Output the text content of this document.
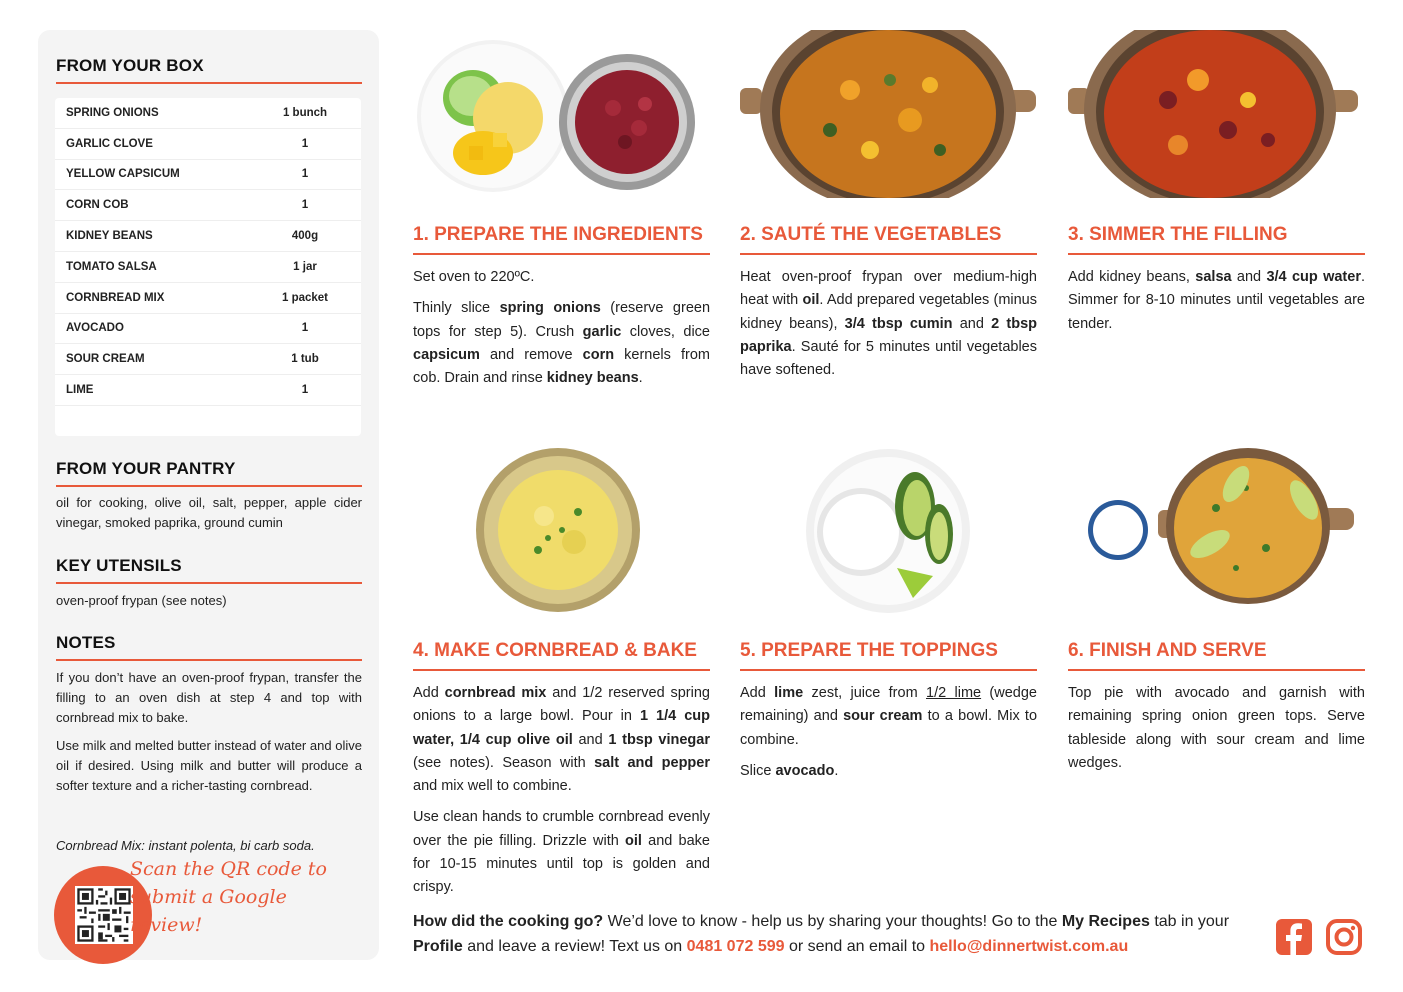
FROM YOUR BOX
SPRING ONIONS	1 bunch
GARLIC CLOVE	1
YELLOW CAPSICUM	1
CORN COB	1
KIDNEY BEANS	400g
TOMATO SALSA	1 jar
CORNBREAD MIX	1 packet
AVOCADO	1
SOUR CREAM	1 tub
LIME	1
FROM YOUR PANTRY
oil for cooking, olive oil, salt, pepper, apple cider vinegar, smoked paprika, ground cumin
KEY UTENSILS
oven-proof frypan (see notes)
NOTES
If you don’t have an oven-proof frypan, transfer the filling to an oven dish at step 4 and top with cornbread mix to bake.
Use milk and melted butter instead of water and olive oil if desired. Using milk and butter will produce a softer texture and a richer-tasting cornbread.
Cornbread Mix: instant polenta, bi carb soda.
Scan the QR code to
submit a Google review!
1. PREPARE THE INGREDIENTS

Set oven to 220ºC.

Thinly slice spring onions (reserve green tops for step 5). Crush garlic cloves, dice capsicum and remove corn kernels from cob. Drain and rinse kidney beans.

2. SAUTÉ THE VEGETABLES

Heat oven-proof frypan over medium-high heat with oil. Add prepared vegetables (minus kidney beans), 3/4 tbsp cumin and 2 tbsp paprika. Sauté for 5 minutes until vegetables have softened.

3. SIMMER THE FILLING

Add kidney beans, salsa and 3/4 cup water. Simmer for 8-10 minutes until vegetables are tender.

4. MAKE CORNBREAD & BAKE

Add cornbread mix and 1/2 reserved spring onions to a large bowl. Pour in 1 1/4 cup water, 1/4 cup olive oil and 1 tbsp vinegar (see notes). Season with salt and pepper and mix well to combine.

Use clean hands to crumble cornbread evenly over the pie filling. Drizzle with oil and bake for 10-15 minutes until top is golden and crispy.

5. PREPARE THE TOPPINGS

Add lime zest, juice from 1/2 lime (wedge remaining) and sour cream to a bowl. Mix to combine.

Slice avocado.

6. FINISH AND SERVE

Top pie with avocado and garnish with remaining spring onion green tops. Serve tableside along with sour cream and lime wedges.

How did the cooking go? We’d love to know - help us by sharing your thoughts! Go to the My Recipes tab in your Profile and leave a review! Text us on 0481 072 599 or send an email to hello@dinnertwist.com.au
